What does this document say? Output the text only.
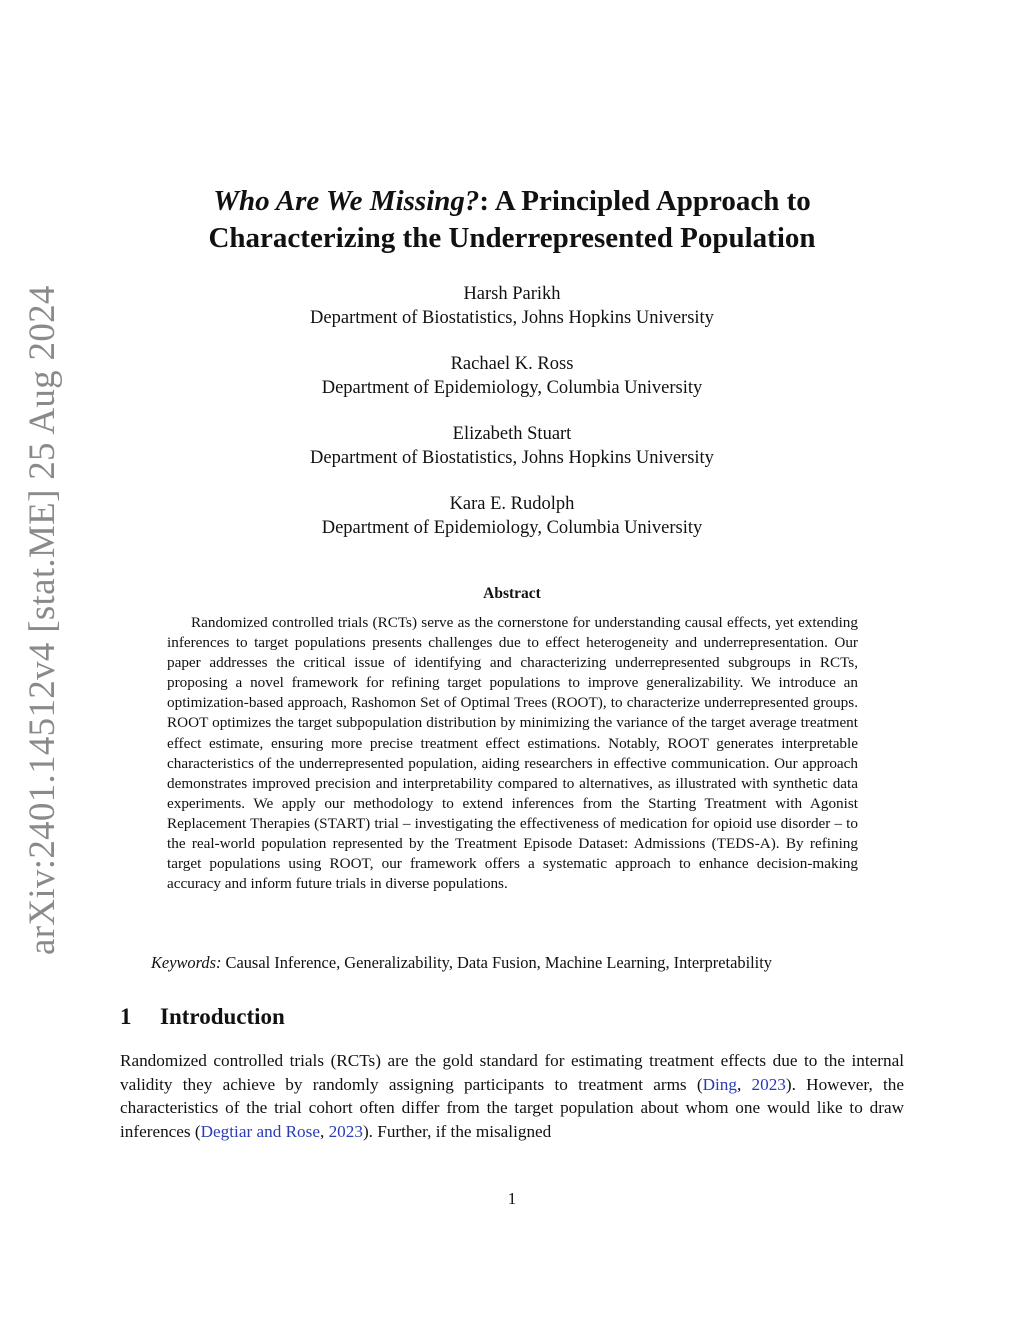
arXiv:2401.14512v4 [stat.ME] 25 Aug 2024
Who Are We Missing?: A Principled Approach to
Characterizing the Underrepresented Population
Harsh Parikh
Department of Biostatistics, Johns Hopkins University
Rachael K. Ross
Department of Epidemiology, Columbia University
Elizabeth Stuart
Department of Biostatistics, Johns Hopkins University
Kara E. Rudolph
Department of Epidemiology, Columbia University
Abstract
Randomized controlled trials (RCTs) serve as the cornerstone for understanding causal effects, yet extending inferences to target populations presents challenges due to effect heterogeneity and underrepresentation. Our paper addresses the critical issue of identifying and characterizing underrepresented subgroups in RCTs, proposing a novel framework for refining target populations to improve generalizability. We introduce an optimization-based approach, Rashomon Set of Optimal Trees (ROOT), to characterize underrepresented groups. ROOT optimizes the target subpopulation distribution by minimizing the variance of the target average treatment effect estimate, ensuring more precise treatment effect estimations. Notably, ROOT generates interpretable characteristics of the underrepresented population, aiding researchers in effective communication. Our approach demonstrates improved precision and interpretability compared to alternatives, as illustrated with synthetic data experiments. We apply our methodology to extend inferences from the Starting Treatment with Agonist Replacement Therapies (START) trial – investigating the effectiveness of medication for opioid use disorder – to the real-world population represented by the Treatment Episode Dataset: Admissions (TEDS-A). By refining target populations using ROOT, our framework offers a systematic approach to enhance decision-making accuracy and inform future trials in diverse populations.
Keywords: Causal Inference, Generalizability, Data Fusion, Machine Learning, Interpretability
1 Introduction
Randomized controlled trials (RCTs) are the gold standard for estimating treatment effects due to the internal validity they achieve by randomly assigning participants to treatment arms (Ding, 2023). However, the characteristics of the trial cohort often differ from the target population about whom one would like to draw inferences (Degtiar and Rose, 2023). Further, if the misaligned
1
